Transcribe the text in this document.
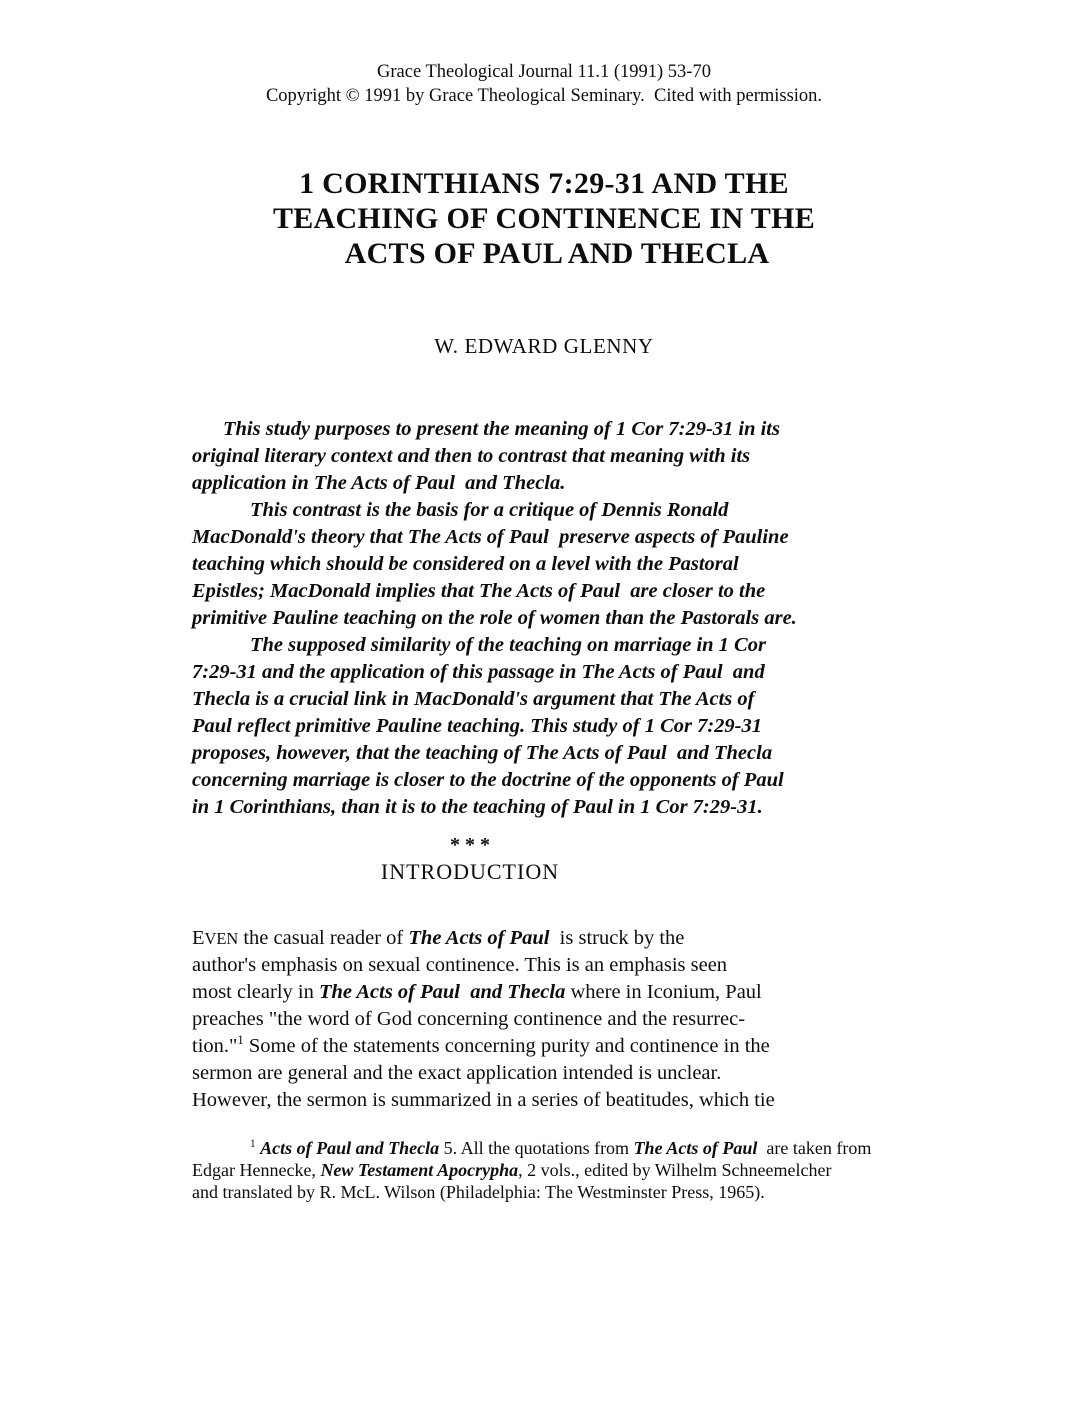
Grace Theological Journal 11.1 (1991) 53-70
Copyright © 1991 by Grace Theological Seminary.  Cited with permission.
1 CORINTHIANS 7:29-31 AND THE
TEACHING OF CONTINENCE IN THE
ACTS OF PAUL AND THECLA
W. EDWARD GLENNY
This study purposes to present the meaning of 1 Cor 7:29-31 in its
original literary context and then to contrast that meaning with its
application in The Acts of Paul  and Thecla.
This contrast is the basis for a critique of Dennis Ronald
MacDonald's theory that The Acts of Paul  preserve aspects of Pauline
teaching which should be considered on a level with the Pastoral
Epistles; MacDonald implies that The Acts of Paul  are closer to the
primitive Pauline teaching on the role of women than the Pastorals are.
The supposed similarity of the teaching on marriage in 1 Cor
7:29-31 and the application of this passage in The Acts of Paul  and
Thecla is a crucial link in MacDonald's argument that The Acts of
Paul reflect primitive Pauline teaching. This study of 1 Cor 7:29-31
proposes, however, that the teaching of The Acts of Paul  and Thecla
concerning marriage is closer to the doctrine of the opponents of Paul
in 1 Corinthians, than it is to the teaching of Paul in 1 Cor 7:29-31.
* * *
INTRODUCTION
EVEN the casual reader of The Acts of Paul  is struck by the
author's emphasis on sexual continence. This is an emphasis seen
most clearly in The Acts of Paul  and Thecla where in Iconium, Paul
preaches "the word of God concerning continence and the resurrec-
tion."$^1$ Some of the statements concerning purity and continence in the
sermon are general and the exact application intended is unclear.
However, the sermon is summarized in a series of beatitudes, which tie
$^1$ Acts of Paul and Thecla 5. All the quotations from The Acts of Paul  are taken from
Edgar Hennecke, New Testament Apocrypha, 2 vols., edited by Wilhelm Schneemelcher
and translated by R. McL. Wilson (Philadelphia: The Westminster Press, 1965).
